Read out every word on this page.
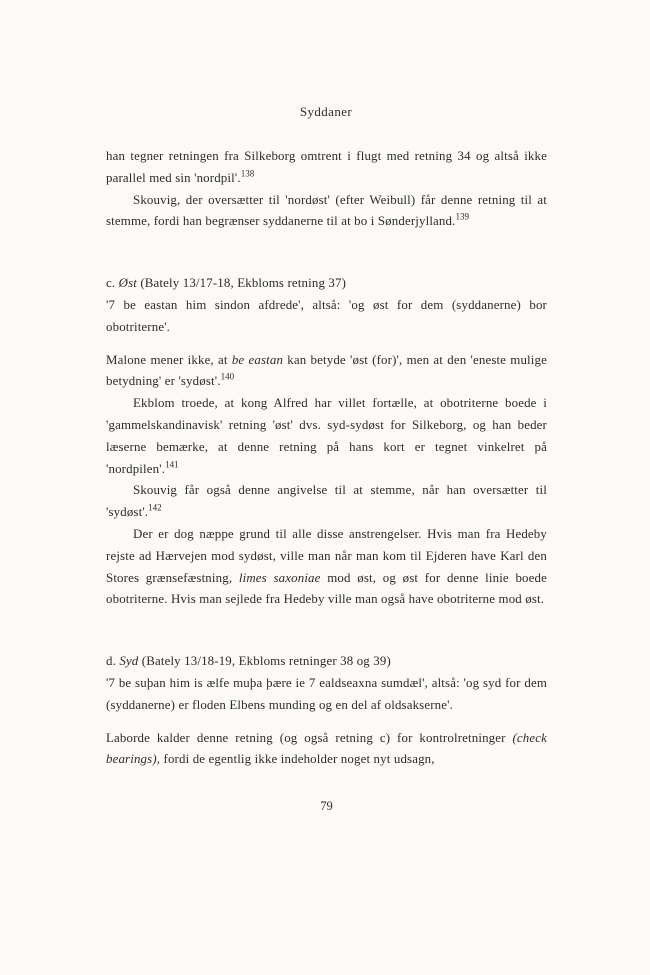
Syddaner

han tegner retningen fra Silkeborg omtrent i flugt med retning 34 og altså ikke parallel med sin 'nordpil'.$^{138}$

Skouvig, der oversætter til 'nordøst' (efter Weibull) får denne retning til at stemme, fordi han begrænser syddanerne til at bo i Sønderjylland.$^{139}$

c. Øst (Bately 13/17-18, Ekbloms retning 37)

'7 be eastan him sindon afdrede', altså: 'og øst for dem (syddanerne) bor obotriterne'.

Malone mener ikke, at be eastan kan betyde 'øst (for)', men at den 'eneste mulige betydning' er 'sydøst'.$^{140}$

Ekblom troede, at kong Alfred har villet fortælle, at obotriterne boede i 'gammelskandinavisk' retning 'øst' dvs. syd-sydøst for Silkeborg, og han beder læserne bemærke, at denne retning på hans kort er tegnet vinkelret på 'nordpilen'.$^{141}$

Skouvig får også denne angivelse til at stemme, når han oversætter til 'sydøst'.$^{142}$

Der er dog næppe grund til alle disse anstrengelser. Hvis man fra Hedeby rejste ad Hærvejen mod sydøst, ville man når man kom til Ejderen have Karl den Stores grænsefæstning, limes saxoniae mod øst, og øst for denne linie boede obotriterne. Hvis man sejlede fra Hedeby ville man også have obotriterne mod øst.

d. Syd (Bately 13/18-19, Ekbloms retninger 38 og 39)

'7 be suþan him is ælfe muþa þære ie 7 ealdseaxna sumdæl', altså: 'og syd for dem (syddanerne) er floden Elbens munding og en del af oldsakserne'.

Laborde kalder denne retning (og også retning c) for kontrolretninger (check bearings), fordi de egentlig ikke indeholder noget nyt udsagn,

79
